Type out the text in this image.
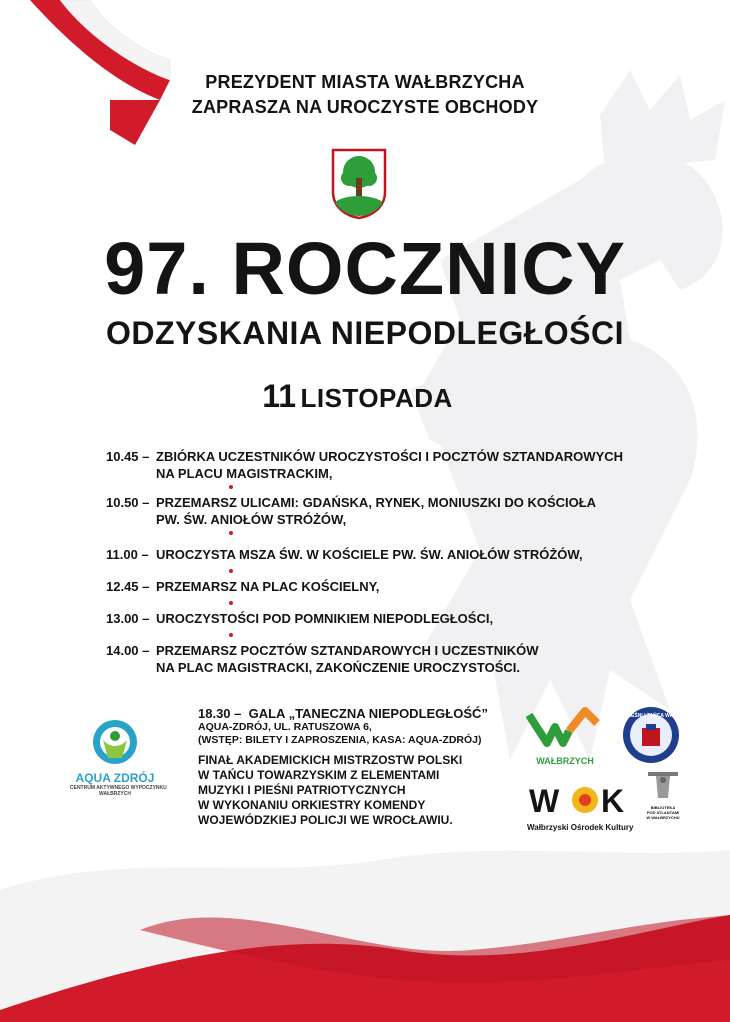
PREZYDENT MIASTA WAŁBRZYCHA
ZAPRASZA NA UROCZYSTE OBCHODY
97. ROCZNICY
ODZYSKANIA NIEPODLEGŁOŚCI
11 LISTOPADA
10.45 – ZBIÓRKA UCZESTNIKÓW UROCZYSTOŚCI I POCZTÓW SZTANDAROWYCH
NA PLACU MAGISTRACKIM,
10.50 – PRZEMARSZ ULICAMI: GDAŃSKA, RYNEK, MONIUSZKI DO KOŚCIOŁA
PW. ŚW. ANIOŁÓW STRÓŻÓW,
11.00 – UROCZYSTA MSZA ŚW. W KOŚCIELE PW. ŚW. ANIOŁÓW STRÓŻÓW,
12.45 – PRZEMARSZ NA PLAC KOŚCIELNY,
13.00 – UROCZYSTOŚCI POD POMNIKIEM NIEPODLEGŁOŚCI,
14.00 – PRZEMARSZ POCZTÓW SZTANDAROWYCH I UCZESTNIKÓW
NA PLAC MAGISTRACKI, ZAKOŃCZENIE UROCZYSTOŚCI.
18.30 – GALA „TANECZNA NIEPODLEGŁOŚĆ”
AQUA-ZDRÓJ, UL. RATUSZOWA 6,
(WSTĘP: BILETY I ZAPROSZENIA, KASA: AQUA-ZDRÓJ)
FINAŁ AKADEMICKICH MISTRZOSTW POLSKI
W TAŃCU TOWARZYSKIM Z ELEMENTAMI
MUZYKI I PIEŚNI PATRIOTYCZNYCH
W WYKONANIU ORKIESTRY KOMENDY
WOJEWÓDZKIEJ POLICJI WE WROCŁAWIU.
AQUA ZDRÓJ
CENTRUM AKTYWNEGO WYPOCZYNKU
WAŁBRZYCH
WAŁBRZYCH
ZESPÓŁ PIEŚNI I TAŃCA WAŁBRZYCH
W K
Wałbrzyski Ośrodek Kultury
BIBLIOTEKA
POD ATLANTAMI
W WAŁBRZYCHU
